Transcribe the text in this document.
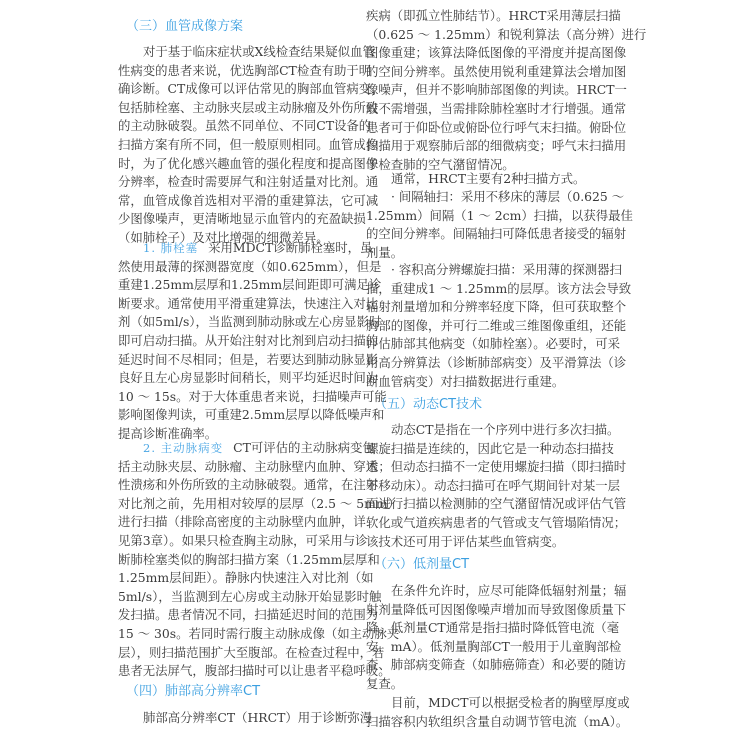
（三）血管成像方案
对于基于临床症状或X线检查结果疑似血管
性病变的患者来说，优选胸部CT检查有助于明
确诊断。CT成像可以评估常见的胸部血管病变，
包括肺栓塞、主动脉夹层或主动脉瘤及外伤所致
的主动脉破裂。虽然不同单位、不同CT设备的
扫描方案有所不同，但一般原则相同。血管成像
时，为了优化感兴趣血管的强化程度和提高图像
分辨率，检查时需要屏气和注射适量对比剂。通
常，血管成像首选相对平滑的重建算法，它可减
少图像噪声，更清晰地显示血管内的充盈缺损
（如肺栓子）及对比增强的细微差异。
1. 肺栓塞 采用MDCT诊断肺栓塞时，虽
然使用最薄的探测器宽度（如0.625mm），但是
重建1.25mm层厚和1.25mm层间距即可满足诊
断要求。通常使用平滑重建算法，快速注入对比
剂（如5ml/s），当监测到肺动脉或左心房显影时
即可启动扫描。从开始注射对比剂到启动扫描的
延迟时间不尽相同；但是，若要达到肺动脉显影
良好且左心房显影时间稍长，则平均延迟时间为
10 ～ 15s。对于大体重患者来说，扫描噪声可能
影响图像判读，可重建2.5mm层厚以降低噪声和
提高诊断准确率。
2. 主动脉病变 CT可评估的主动脉病变包
括主动脉夹层、动脉瘤、主动脉壁内血肿、穿透
性溃疡和外伤所致的主动脉破裂。通常，在注射
对比剂之前，先用相对较厚的层厚（2.5 ～ 5mm）
进行扫描（排除高密度的主动脉壁内血肿，详
见第3章）。如果只检查胸主动脉，可采用与诊
断肺栓塞类似的胸部扫描方案（1.25mm层厚和
1.25mm层间距）。静脉内快速注入对比剂（如
5ml/s），当监测到左心房或主动脉开始显影时触
发扫描。患者情况不同，扫描延迟时间的范围为
15 ～ 30s。若同时需行腹主动脉成像（如主动脉夹
层），则扫描范围扩大至腹部。在检查过程中，若
患者无法屏气，腹部扫描时可以让患者平稳呼吸。
（四）肺部高分辨率CT
肺部高分辨率CT（HRCT）用于诊断弥漫
疾病（即孤立性肺结节）。HRCT采用薄层扫描
（0.625 ～ 1.25mm）和锐利算法（高分辨）进行
图像重建；该算法降低图像的平滑度并提高图像
的空间分辨率。虽然使用锐利重建算法会增加图
像噪声，但并不影响肺部图像的判读。HRCT一
般不需增强，当需排除肺栓塞时才行增强。通常
患者可于仰卧位或俯卧位行呼气末扫描。俯卧位
扫描用于观察肺后部的细微病变；呼气末扫描用
于检查肺的空气潴留情况。
通常，HRCT主要有2种扫描方式。
· 间隔轴扫：采用不移床的薄层（0.625 ～
1.25mm）间隔（1 ～ 2cm）扫描，以获得最佳
的空间分辨率。间隔轴扫可降低患者接受的辐射
剂量。
· 容积高分辨螺旋扫描：采用薄的探测器扫
描，重建成1 ～ 1.25mm的层厚。该方法会导致
辐射剂量增加和分辨率轻度下降，但可获取整个
胸部的图像，并可行二维或三维图像重组，还能
评估肺部其他病变（如肺栓塞）。必要时，可采
用高分辨算法（诊断肺部病变）及平滑算法（诊
断血管病变）对扫描数据进行重建。
（五）动态CT技术
动态CT是指在一个序列中进行多次扫描。
螺旋扫描是连续的，因此它是一种动态扫描技
术；但动态扫描不一定使用螺旋扫描（即扫描时
不移动床）。动态扫描可在呼气期间针对某一层
面进行扫描以检测肺的空气潴留情况或评估气管
软化或气道疾病患者的气管或支气管塌陷情况；
该技术还可用于评估某些血管病变。
（六）低剂量CT
在条件允许时，应尽可能降低辐射剂量；辐
射剂量降低可因图像噪声增加而导致图像质量下
降。低剂量CT通常是指扫描时降低管电流（毫
安，mA）。低剂量胸部CT一般用于儿童胸部检
查、肺部病变筛查（如肺癌筛查）和必要的随访
复查。
目前，MDCT可以根据受检者的胸壁厚度或
扫描容积内软组织含量自动调节管电流（mA）。
